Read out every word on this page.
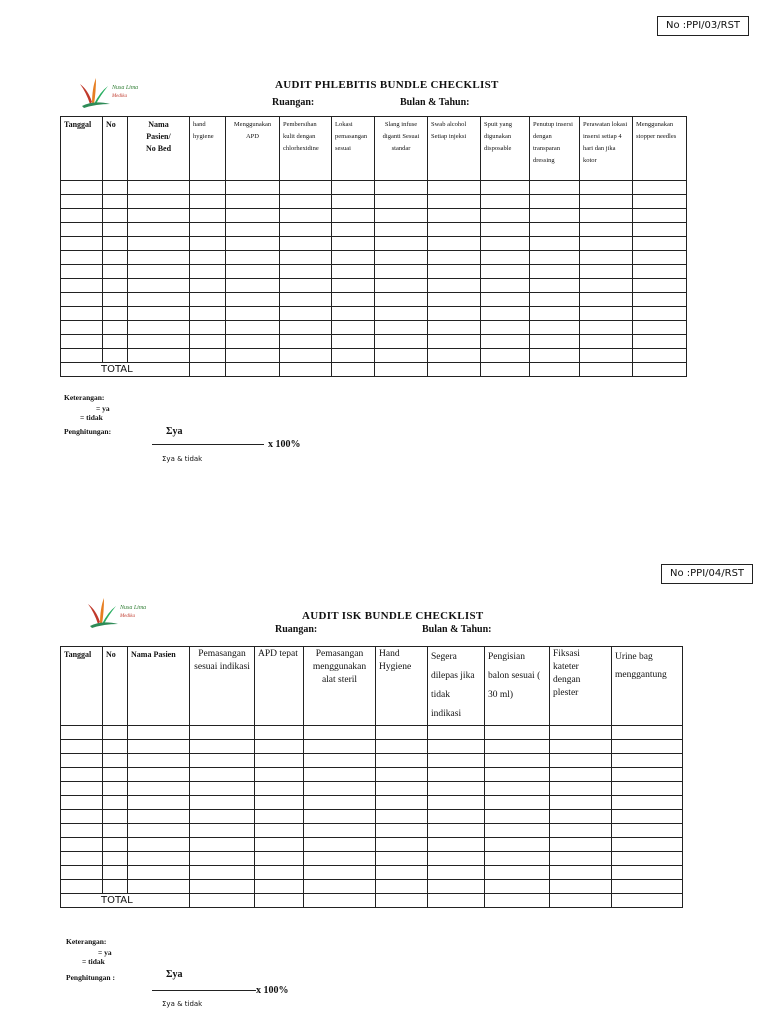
No :PPI/03/RST
Nusa Lima
Medika
AUDIT PHLEBITIS BUNDLE CHECKLIST
Ruangan:	Bulan & Tahun:
Tanggal	No	Nama Pasien/ No Bed	hand hygiene	Menggunakan APD	Pembersihan kulit dengan chlorhexidine	Lokasi pemasangan sesuai	Slang infuse diganti Sesuai standar	Swab alcohol Setiap injeksi	Spuit yang digunakan disposable	Penutup insersi dengan transparan dressing	Perawatan lokasi insersi setiap 4 hari dan jika kotor	Menggunakan stopper needles

TOTAL												
Keterangan:
= ya
= tidak
Penghitungan:	Σya
x 100%
Σya & tidak
No :PPI/04/RST
Nusa Lima
Medika	AUDIT ISK BUNDLE CHECKLIST
Ruangan:	Bulan & Tahun:
Tanggal	No	Nama Pasien	Pemasangan sesuai indikasi	APD tepat	Pemasangan menggunakan alat steril	Hand Hygiene	Segera dilepas jika tidak indikasi	Pengisian balon sesuai ( 30 ml)	Fiksasi kateter dengan plester	Urine bag menggantung

TOTAL										
Keterangan:
= ya
= tidak
Penghitungan :	Σya
x 100%
Σya & tidak
